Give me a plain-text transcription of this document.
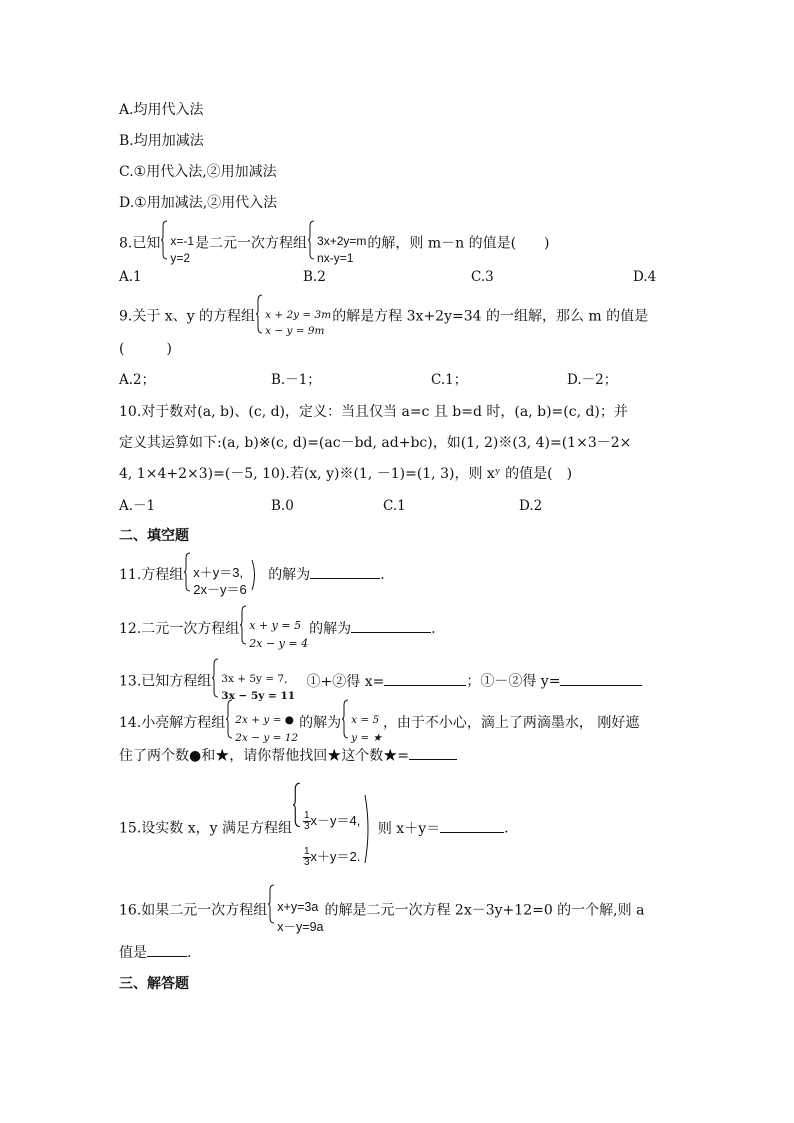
A.均用代入法
B.均用加减法
C.①用代入法,②用加减法
D.①用加减法,②用代入法
8.已知 x=-1
y=2
是二元一次方程组 3x+2y=m
nx-y=1
的解，则 m－n 的值是(　　)
A.1	B.2	C.3	D.4
9.关于 x、y 的方程组 x + 2y = 3m
x − y = 9m
的解是方程 3x+2y=34 的一组解，那么 m 的值是
(　　　)
A.2；	B.－1；	C.1；	D.－2；
10.对于数对(a, b)、(c, d)，定义：当且仅当 a=c 且 b=d 时，(a, b)=(c, d)；并
定义其运算如下:(a, b)※(c, d)=(ac－bd, ad+bc)，如(1, 2)※(3, 4)=(1×3－2×
4, 1×4+2×3)=(－5, 10).若(x, y)※(1, －1)=(1, 3)，则 xʸ 的值是(　)
A.－1	B.0	C.1	D.2
二、填空题
11.方程组 x＋y＝3,
2x－y＝6
的解为	.
12.二元一次方程组 x + y = 5
2x − y = 4
的解为	.
13.已知方程组 3x + 5y = 7,
3x − 5y = 11
①+②得 x=	；①－②得 y=
14.小亮解方程组 2x + y = ●
2x − y = 12
的解为 x = 5
y = ★
，由于不小心，滴上了两滴墨水， 刚好遮
住了两个数●和★，请你帮他找回★这个数★=
15.设实数 x，y 满足方程组 $\frac{1}{3} x-y=4$,
$\frac{1}{3} x+y=2$.
则 x＋y＝	.
16.如果二元一次方程组 x+y=3a
x－y=9a
的解是二元一次方程 2x－3y+12=0 的一个解,则 a
值是	.
三、解答题
